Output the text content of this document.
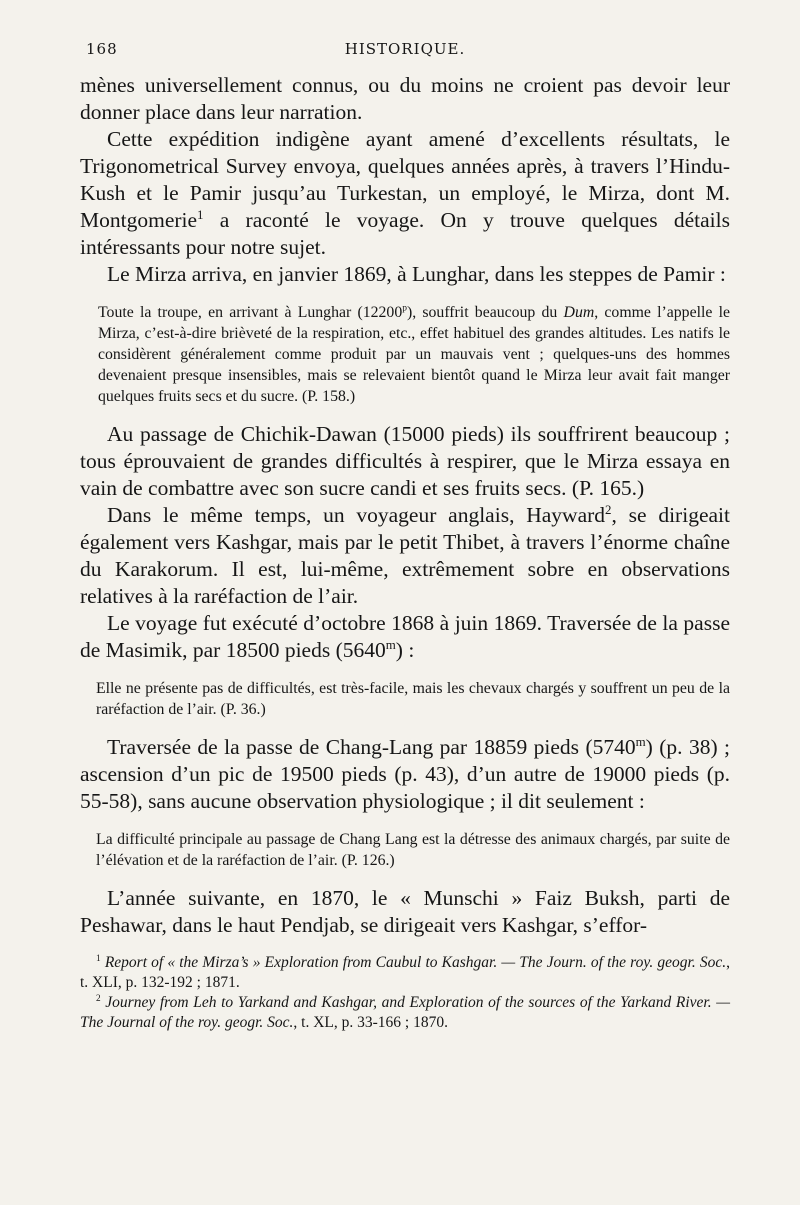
168	HISTORIQUE.

mènes universellement connus, ou du moins ne croient pas devoir leur donner place dans leur narration.

Cette expédition indigène ayant amené d’excellents résultats, le Trigonometrical Survey envoya, quelques années après, à travers l’Hindu-Kush et le Pamir jusqu’au Turkestan, un employé, le Mirza, dont M. Montgomerie$^1$ a raconté le voyage. On y trouve quelques détails intéressants pour notre sujet.

Le Mirza arriva, en janvier 1869, à Lunghar, dans les steppes de Pamir :

Toute la troupe, en arrivant à Lunghar (12200$^p$), souffrit beaucoup du Dum, comme l’appelle le Mirza, c’est-à-dire brièveté de la respiration, etc., effet habituel des grandes altitudes. Les natifs le considèrent généralement comme produit par un mauvais vent ; quelques-uns des hommes devenaient presque insensibles, mais se relevaient bientôt quand le Mirza leur avait fait manger quelques fruits secs et du sucre. (P. 158.)

Au passage de Chichik-Dawan (15000 pieds) ils souffrirent beaucoup ; tous éprouvaient de grandes difficultés à respirer, que le Mirza essaya en vain de combattre avec son sucre candi et ses fruits secs. (P. 165.)

Dans le même temps, un voyageur anglais, Hayward$^2$, se dirigeait également vers Kashgar, mais par le petit Thibet, à travers l’énorme chaîne du Karakorum. Il est, lui-même, extrêmement sobre en observations relatives à la raréfaction de l’air.

Le voyage fut exécuté d’octobre 1868 à juin 1869. Traversée de la passe de Masimik, par 18500 pieds (5640$^m$) :

Elle ne présente pas de difficultés, est très-facile, mais les chevaux chargés y souffrent un peu de la raréfaction de l’air. (P. 36.)

Traversée de la passe de Chang-Lang par 18859 pieds (5740$^m$) (p. 38) ; ascension d’un pic de 19500 pieds (p. 43), d’un autre de 19000 pieds (p. 55-58), sans aucune observation physiologique ; il dit seulement :

La difficulté principale au passage de Chang Lang est la détresse des animaux chargés, par suite de l’élévation et de la raréfaction de l’air. (P. 126.)

L’année suivante, en 1870, le « Munschi » Faiz Buksh, parti de Peshawar, dans le haut Pendjab, se dirigeait vers Kashgar, s’effor-

$^1$ Report of « the Mirza’s » Exploration from Caubul to Kashgar. — The Journ. of the roy. geogr. Soc., t. XLI, p. 132-192 ; 1871.

$^2$ Journey from Leh to Yarkand and Kashgar, and Exploration of the sources of the Yarkand River. — The Journal of the roy. geogr. Soc., t. XL, p. 33-166 ; 1870.
